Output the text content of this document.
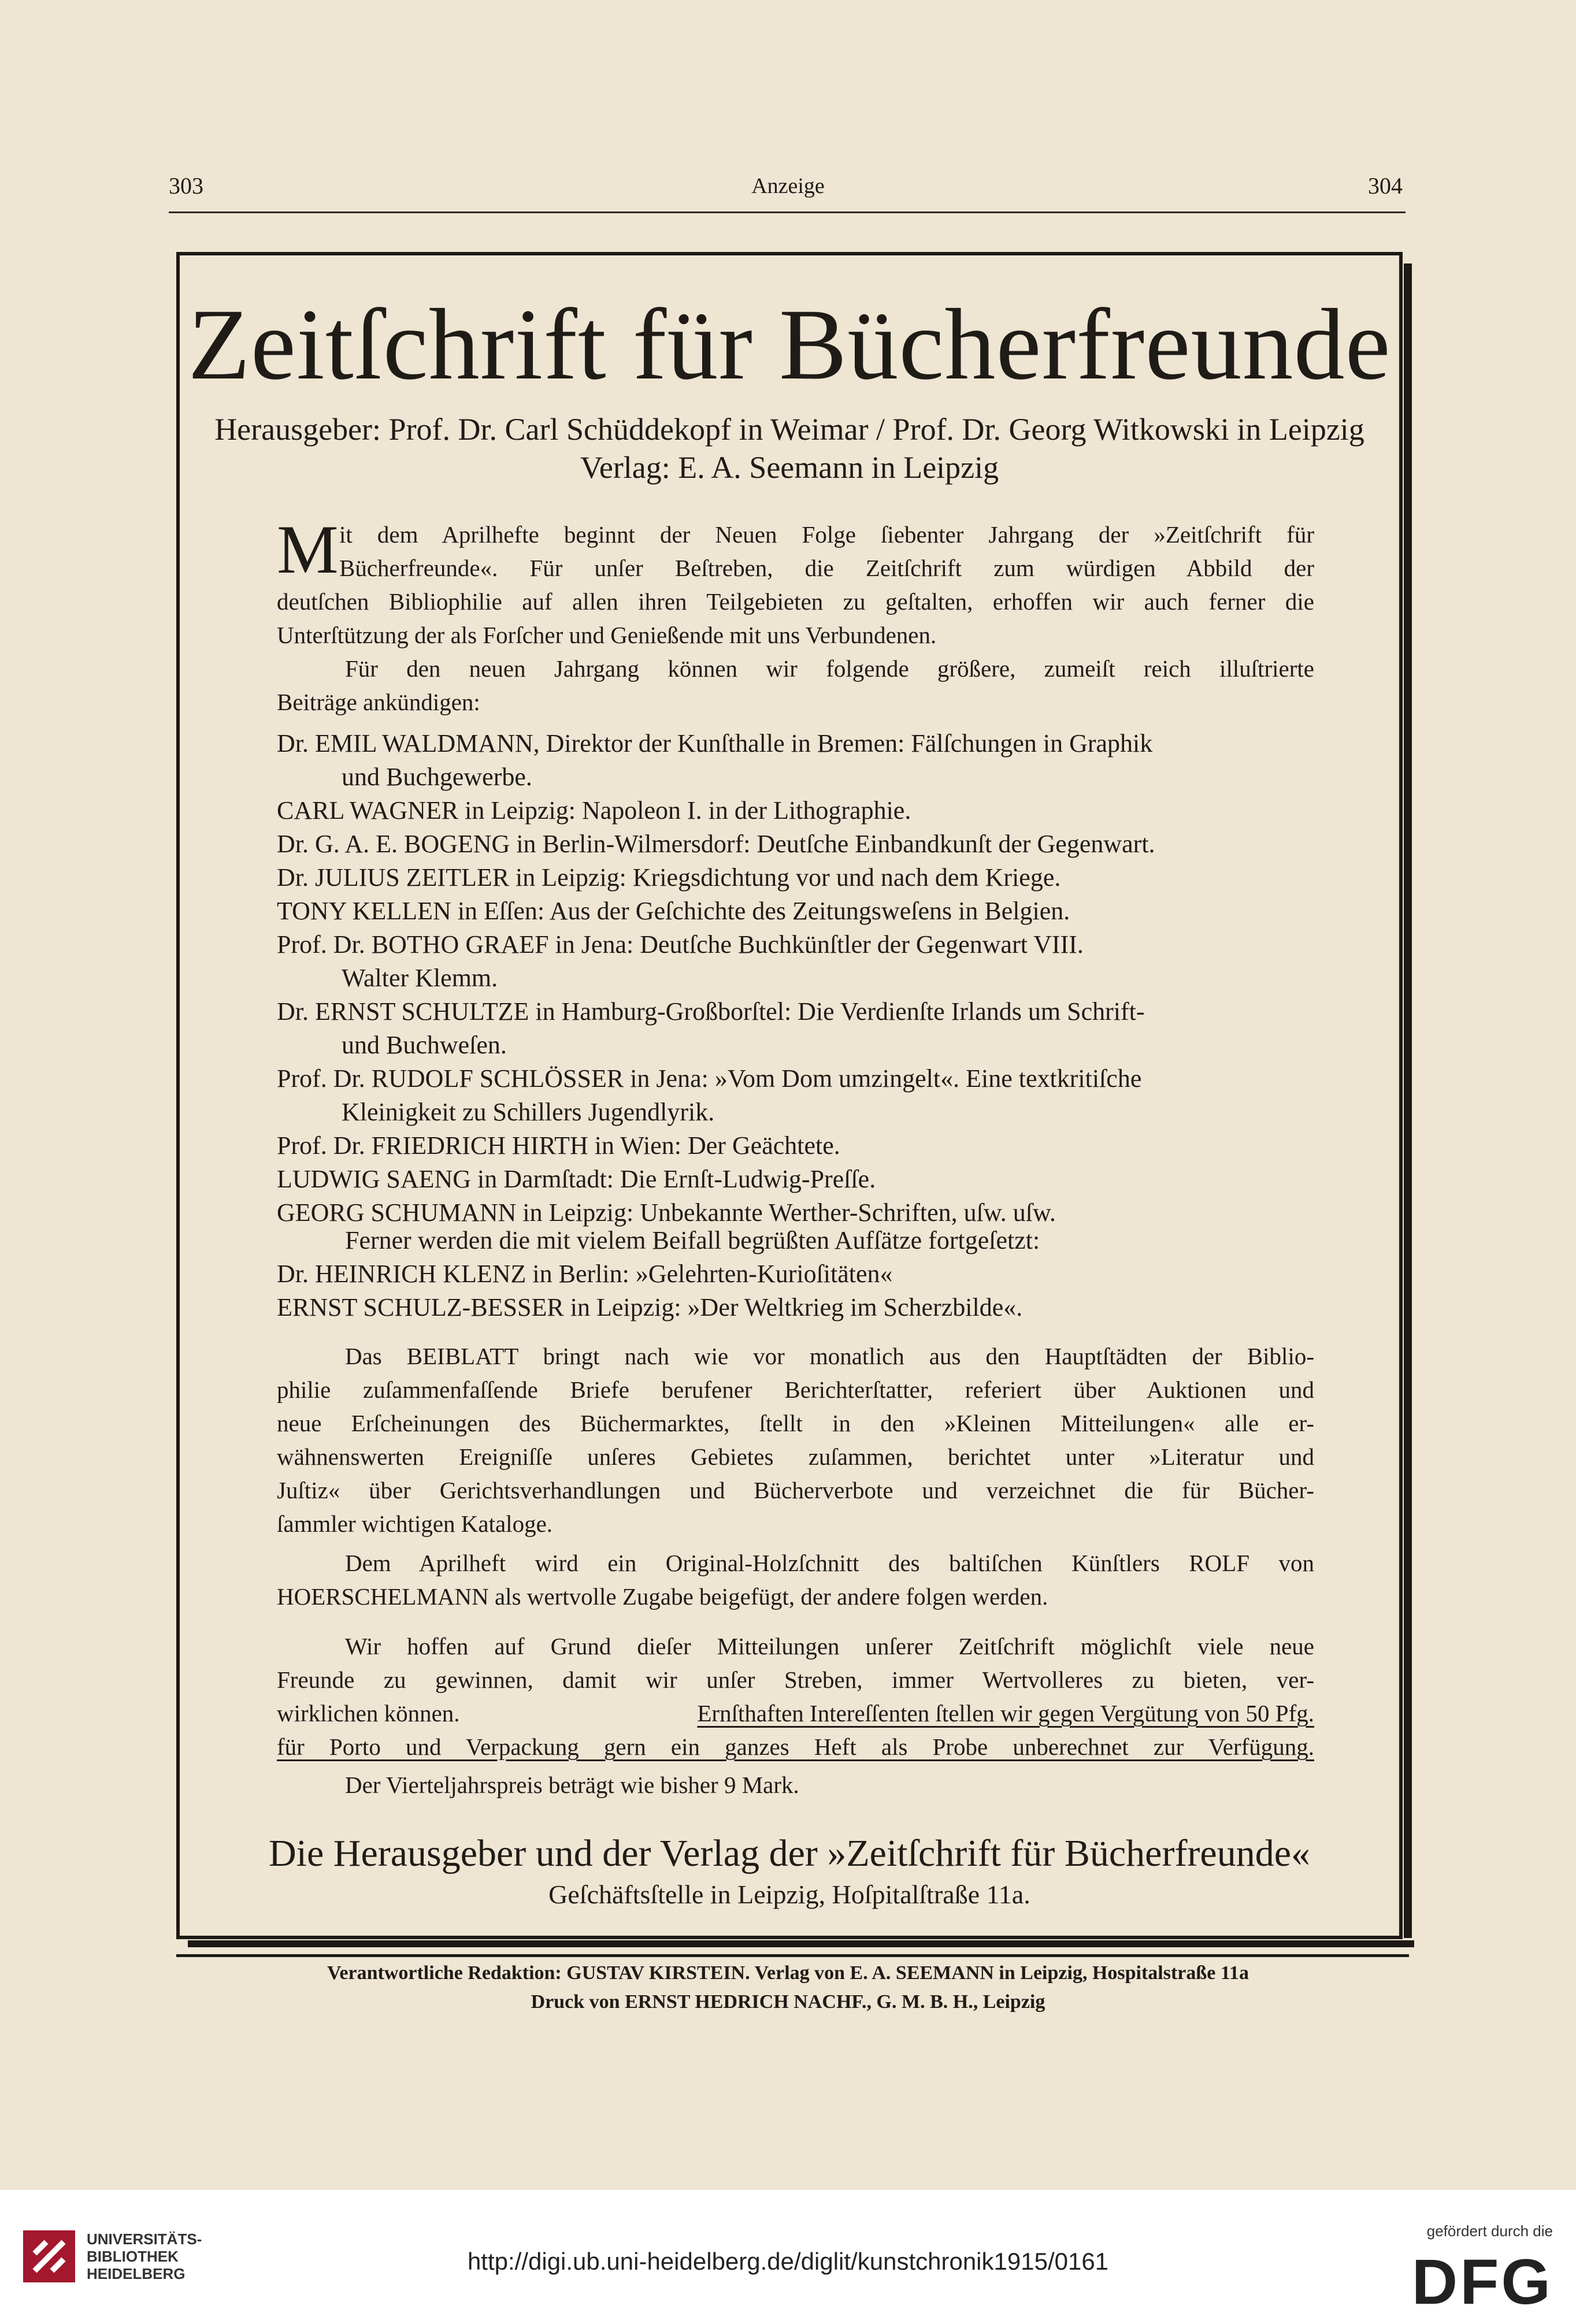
303	Anzeige	304
Zeitſchrift für Bücherfreunde
Herausgeber: Prof. Dr. Carl Schüddekopf in Weimar / Prof. Dr. Georg Witkowski in Leipzig
Verlag: E. A. Seemann in Leipzig
M it dem Aprilhefte beginnt der Neuen Folge ſiebenter Jahrgang der »Zeitſchrift für
Bücherfreunde«. Für unſer Beſtreben, die Zeitſchrift zum würdigen Abbild der
deutſchen Bibliophilie auf allen ihren Teilgebieten zu geſtalten, erhoffen wir auch ferner die
Unterſtützung der als Forſcher und Genießende mit uns Verbundenen.
Für den neuen Jahrgang können wir folgende größere, zumeiſt reich illuſtrierte
Beiträge ankündigen:
Dr. EMIL WALDMANN, Direktor der Kunſthalle in Bremen: Fälſchungen in Graphik
und Buchgewerbe.
CARL WAGNER in Leipzig: Napoleon I. in der Lithographie.
Dr. G. A. E. BOGENG in Berlin-Wilmersdorf: Deutſche Einbandkunſt der Gegenwart.
Dr. JULIUS ZEITLER in Leipzig: Kriegsdichtung vor und nach dem Kriege.
TONY KELLEN in Eſſen: Aus der Geſchichte des Zeitungsweſens in Belgien.
Prof. Dr. BOTHO GRAEF in Jena: Deutſche Buchkünſtler der Gegenwart VIII.
Walter Klemm.
Dr. ERNST SCHULTZE in Hamburg-Großborſtel: Die Verdienſte Irlands um Schrift-
und Buchweſen.
Prof. Dr. RUDOLF SCHLÖSSER in Jena: »Vom Dom umzingelt«. Eine textkritiſche
Kleinigkeit zu Schillers Jugendlyrik.
Prof. Dr. FRIEDRICH HIRTH in Wien: Der Geächtete.
LUDWIG SAENG in Darmſtadt: Die Ernſt-Ludwig-Preſſe.
GEORG SCHUMANN in Leipzig: Unbekannte Werther-Schriften, uſw. uſw.
Ferner werden die mit vielem Beifall begrüßten Aufſätze fortgeſetzt:
Dr. HEINRICH KLENZ in Berlin: »Gelehrten-Kurioſitäten«
ERNST SCHULZ-BESSER in Leipzig: »Der Weltkrieg im Scherzbilde«.
Das BEIBLATT bringt nach wie vor monatlich aus den Hauptſtädten der Biblio-
philie zuſammenfaſſende Briefe berufener Berichterſtatter, referiert über Auktionen und
neue Erſcheinungen des Büchermarktes, ſtellt in den »Kleinen Mitteilungen« alle er-
wähnenswerten Ereigniſſe unſeres Gebietes zuſammen, berichtet unter »Literatur und
Juſtiz« über Gerichtsverhandlungen und Bücherverbote und verzeichnet die für Bücher-
ſammler wichtigen Kataloge.
Dem Aprilheft wird ein Original-Holzſchnitt des baltiſchen Künſtlers ROLF von
HOERSCHELMANN als wertvolle Zugabe beigefügt, der andere folgen werden.
Wir hoffen auf Grund dieſer Mitteilungen unſerer Zeitſchrift möglichſt viele neue
Freunde zu gewinnen, damit wir unſer Streben, immer Wertvolleres zu bieten, ver-
wirklichen können.	Ernſthaften Intereſſenten ſtellen wir gegen Vergütung von 50 Pfg.
für Porto und Verpackung gern ein ganzes Heft als Probe unberechnet zur Verfügung.
Der Vierteljahrspreis beträgt wie bisher 9 Mark.
Die Herausgeber und der Verlag der »Zeitſchrift für Bücherfreunde«
Geſchäftsſtelle in Leipzig, Hoſpitalſtraße 11a.
Verantwortliche Redaktion: GUSTAV KIRSTEIN. Verlag von E. A. SEEMANN in Leipzig, Hospitalstraße 11a
Druck von ERNST HEDRICH NACHF., G. M. B. H., Leipzig
UNIVERSITÄTS-
BIBLIOTHEK
HEIDELBERG	http://digi.ub.uni-heidelberg.de/diglit/kunstchronik1915/0161
gefördert durch die
DFG
